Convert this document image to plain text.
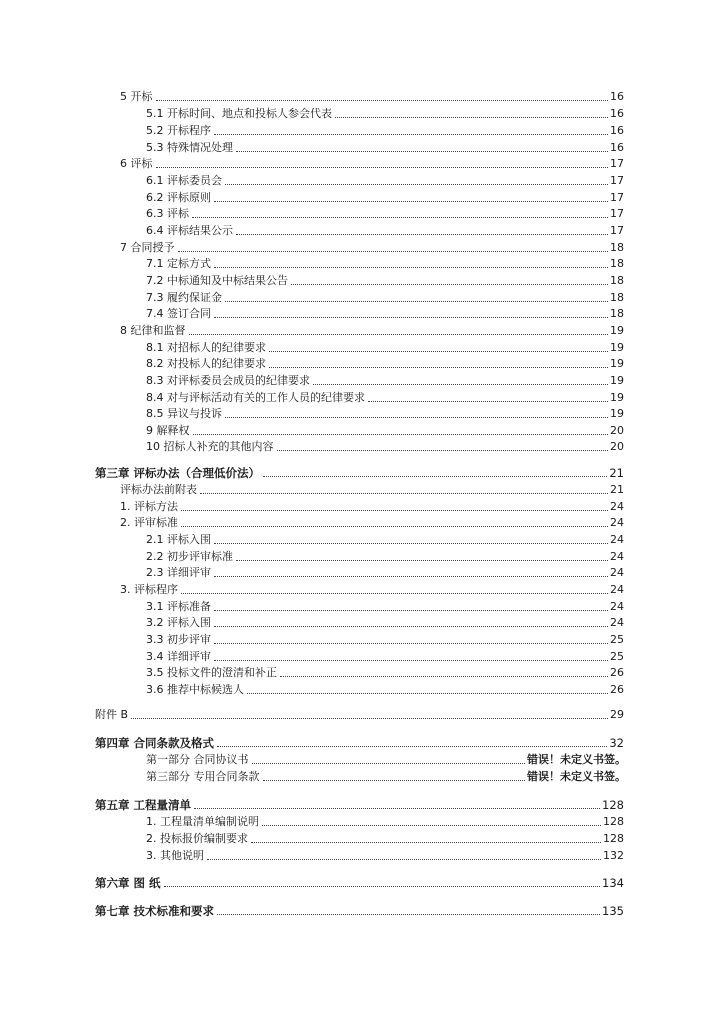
5 开标	16
5.1 开标时间、地点和投标人参会代表	16
5.2 开标程序	16
5.3 特殊情况处理	16
6 评标	17
6.1 评标委员会	17
6.2 评标原则	17
6.3 评标	17
6.4 评标结果公示	17
7 合同授予	18
7.1 定标方式	18
7.2 中标通知及中标结果公告	18
7.3 履约保证金	18
7.4 签订合同	18
8 纪律和监督	19
8.1 对招标人的纪律要求	19
8.2 对投标人的纪律要求	19
8.3 对评标委员会成员的纪律要求	19
8.4 对与评标活动有关的工作人员的纪律要求	19
8.5 异议与投诉	19
9 解释权	20
10 招标人补充的其他内容	20
第三章 评标办法（合理低价法）	21
评标办法前附表	21
1. 评标方法	24
2. 评审标准	24
2.1 评标入围	24
2.2 初步评审标准	24
2.3 详细评审	24
3. 评标程序	24
3.1 评标准备	24
3.2 评标入围	24
3.3 初步评审	25
3.4 详细评审	25
3.5 投标文件的澄清和补正	26
3.6 推荐中标候选人	26
附件 B	29
第四章 合同条款及格式	32
第一部分 合同协议书	错误！未定义书签。
第三部分 专用合同条款	错误！未定义书签。
第五章 工程量清单	128
1. 工程量清单编制说明	128
2. 投标报价编制要求	128
3. 其他说明	132
第六章 图 纸	134
第七章 技术标准和要求	135
